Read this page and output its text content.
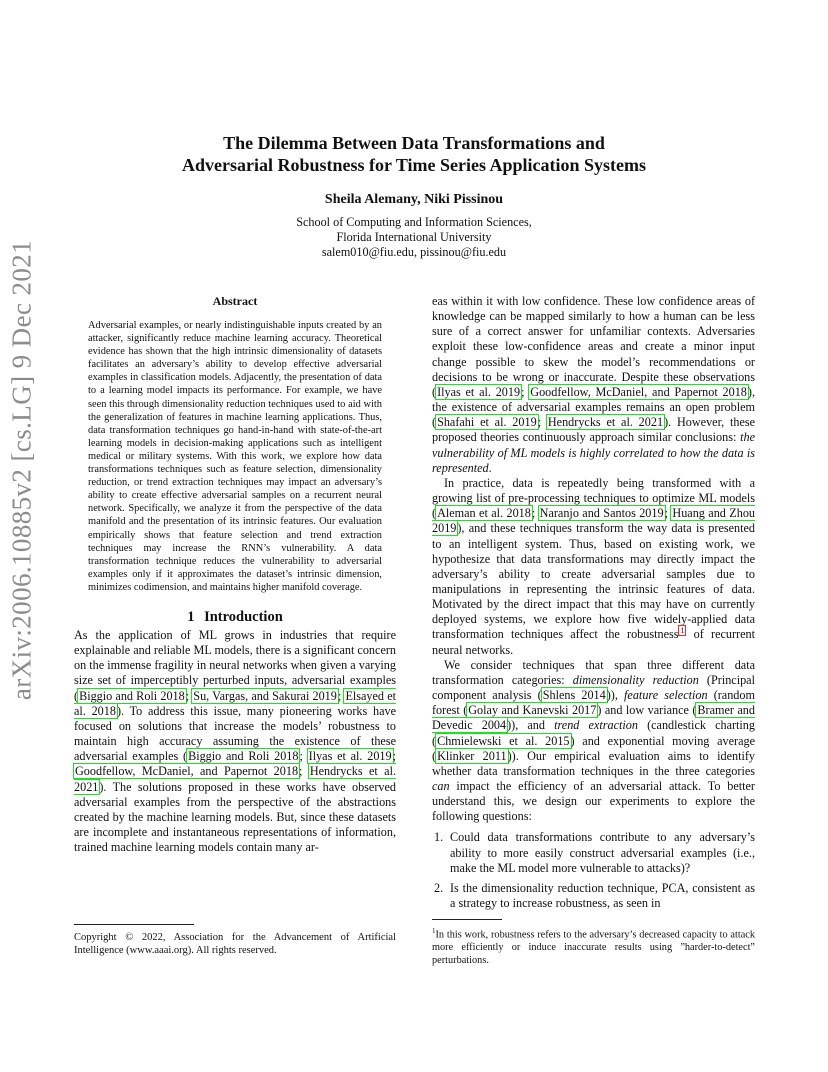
arXiv:2006.10885v2 [cs.LG] 9 Dec 2021
The Dilemma Between Data Transformations and
Adversarial Robustness for Time Series Application Systems
Sheila Alemany, Niki Pissinou
School of Computing and Information Sciences,
Florida International University
salem010@fiu.edu, pissinou@fiu.edu
Abstract

Adversarial examples, or nearly indistinguishable inputs created by an attacker, significantly reduce machine learning accuracy. Theoretical evidence has shown that the high intrinsic dimensionality of datasets facilitates an adversary’s ability to develop effective adversarial examples in classification models. Adjacently, the presentation of data to a learning model impacts its performance. For example, we have seen this through dimensionality reduction techniques used to aid with the generalization of features in machine learning applications. Thus, data transformation techniques go hand-in-hand with state-of-the-art learning models in decision-making applications such as intelligent medical or military systems. With this work, we explore how data transformations techniques such as feature selection, dimensionality reduction, or trend extraction techniques may impact an adversary’s ability to create effective adversarial samples on a recurrent neural network. Specifically, we analyze it from the perspective of the data manifold and the presentation of its intrinsic features. Our evaluation empirically shows that feature selection and trend extraction techniques may increase the RNN’s vulnerability. A data transformation technique reduces the vulnerability to adversarial examples only if it approximates the dataset’s intrinsic dimension, minimizes codimension, and maintains higher manifold coverage.

1 Introduction

As the application of ML grows in industries that require explainable and reliable ML models, there is a significant concern on the immense fragility in neural networks when given a varying size set of imperceptibly perturbed inputs, adversarial examples (Biggio and Roli 2018; Su, Vargas, and Sakurai 2019; Elsayed et al. 2018). To address this issue, many pioneering works have focused on solutions that increase the models’ robustness to maintain high accuracy assuming the existence of these adversarial examples (Biggio and Roli 2018; Ilyas et al. 2019; Goodfellow, McDaniel, and Papernot 2018; Hendrycks et al. 2021). The solutions proposed in these works have observed adversarial examples from the perspective of the abstractions created by the machine learning models. But, since these datasets are incomplete and instantaneous representations of information, trained machine learning models contain many ar-

Copyright © 2022, Association for the Advancement of Artificial Intelligence (www.aaai.org). All rights reserved.

eas within it with low confidence. These low confidence areas of knowledge can be mapped similarly to how a human can be less sure of a correct answer for unfamiliar contexts. Adversaries exploit these low-confidence areas and create a minor input change possible to skew the model’s recommendations or decisions to be wrong or inaccurate. Despite these observations (Ilyas et al. 2019; Goodfellow, McDaniel, and Papernot 2018), the existence of adversarial examples remains an open problem (Shafahi et al. 2019; Hendrycks et al. 2021). However, these proposed theories continuously approach similar conclusions: the vulnerability of ML models is highly correlated to how the data is represented.

In practice, data is repeatedly being transformed with a growing list of pre-processing techniques to optimize ML models (Aleman et al. 2018; Naranjo and Santos 2019; Huang and Zhou 2019), and these techniques transform the way data is presented to an intelligent system. Thus, based on existing work, we hypothesize that data transformations may directly impact the adversary’s ability to create adversarial samples due to manipulations in representing the intrinsic features of data. Motivated by the direct impact that this may have on currently deployed systems, we explore how five widely-applied data transformation techniques affect the robustness $^1$ of recurrent neural networks.

We consider techniques that span three different data transformation categories: dimensionality reduction (Principal component analysis (Shlens 2014)), feature selection (random forest (Golay and Kanevski 2017) and low variance (Bramer and Devedic 2004)), and trend extraction (candlestick charting (Chmielewski et al. 2015) and exponential moving average (Klinker 2011)). Our empirical evaluation aims to identify whether data transformation techniques in the three categories can impact the efficiency of an adversarial attack. To better understand this, we design our experiments to explore the following questions:

1. Could data transformations contribute to any adversary’s ability to more easily construct adversarial examples (i.e., make the ML model more vulnerable to attacks)?
2. Is the dimensionality reduction technique, PCA, consistent as a strategy to increase robustness, as seen in

$^1$In this work, robustness refers to the adversary’s decreased capacity to attack more efficiently or induce inaccurate results using ”harder-to-detect” perturbations.
